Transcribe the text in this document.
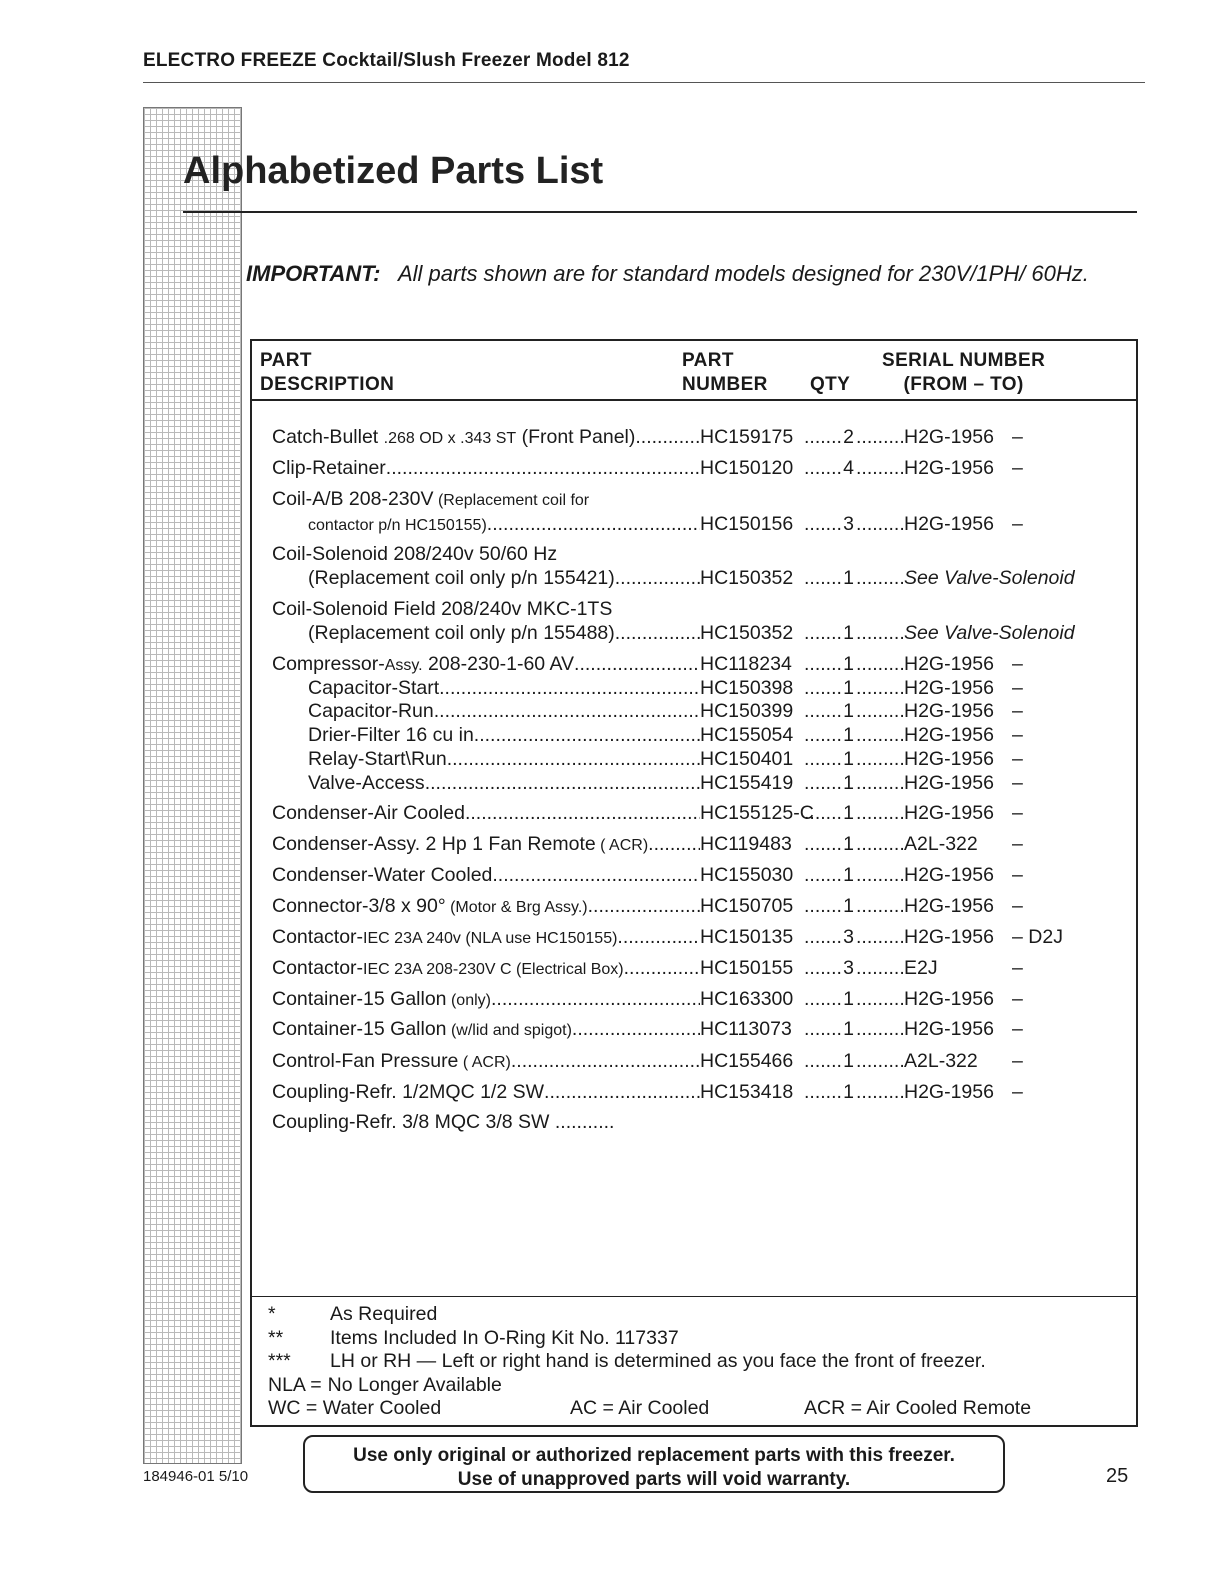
ELECTRO FREEZE Cocktail/Slush Freezer Model 812
Alphabetized Parts List
IMPORTANT: All parts shown are for standard models designed for 230V/1PH/ 60Hz.
PART
DESCRIPTION
PART
NUMBER QTY
SERIAL NUMBER
(FROM – TO)
Catch-Bullet .268 OD x .343 ST (Front Panel) .....	HC159175 .....	2 .....	H2G-1956 –
Clip-Retainer .....	HC150120 .....	4 .....	H2G-1956 –
Coil-A/B 208-230V (Replacement coil for
contactor p/n HC150155) .....	HC150156 .....	3 .....	H2G-1956 –
Coil-Solenoid 208/240v 50/60 Hz
(Replacement coil only p/n 155421) .....	HC150352 .....	1 .....	See Valve-Solenoid
Coil-Solenoid Field 208/240v MKC-1TS
(Replacement coil only p/n 155488) .....	HC150352 .....	1 .....	See Valve-Solenoid
Compressor-Assy. 208-230-1-60 AV .....	HC118234 .....	1 .....	H2G-1956 –
Capacitor-Start .....	HC150398 .....	1 .....	H2G-1956 –
Capacitor-Run .....	HC150399 .....	1 .....	H2G-1956 –
Drier-Filter 16 cu in .....	HC155054 .....	1 .....	H2G-1956 –
Relay-Start\Run .....	HC150401 .....	1 .....	H2G-1956 –
Valve-Access .....	HC155419 .....	1 .....	H2G-1956 –
Condenser-Air Cooled .....	HC155125-C ..... 1 .....	H2G-1956 –
Condenser-Assy. 2 Hp 1 Fan Remote ( ACR) .....	HC119483 .....	1 .....	A2L-322	–
Condenser-Water Cooled .....	HC155030 .....	1 .....	H2G-1956 –
Connector-3/8 x 90° (Motor & Brg Assy.) .....	HC150705 .....	1 .....	H2G-1956 –
Contactor-IEC 23A 240v (NLA use HC150155) .....	HC150135 .....	3 .....	H2G-1956 – D2J
Contactor-IEC 23A 208-230V C (Electrical Box) .....	HC150155 .....	3 .....	E2J	–
Container-15 Gallon (only) .....	HC163300 .....	1 .....	H2G-1956 –
Container-15 Gallon (w/lid and spigot) .....	HC113073 .....	1 .....	H2G-1956 –
Control-Fan Pressure ( ACR) .....	HC155466 .....	1 .....	A2L-322	–
Coupling-Refr. 1/2MQC 1/2 SW .....	HC153418 .....	1 .....	H2G-1956 –
Coupling-Refr. 3/8 MQC 3/8 SW ...........
*	As Required
**	Items Included In O-Ring Kit No. 117337
***	LH or RH — Left or right hand is determined as you face the front of freezer.
NLA = No Longer Available
WC = Water Cooled	AC = Air Cooled	ACR = Air Cooled Remote
Use only original or authorized replacement parts with this freezer.
Use of unapproved parts will void warranty.
184946-01 5/10	25
